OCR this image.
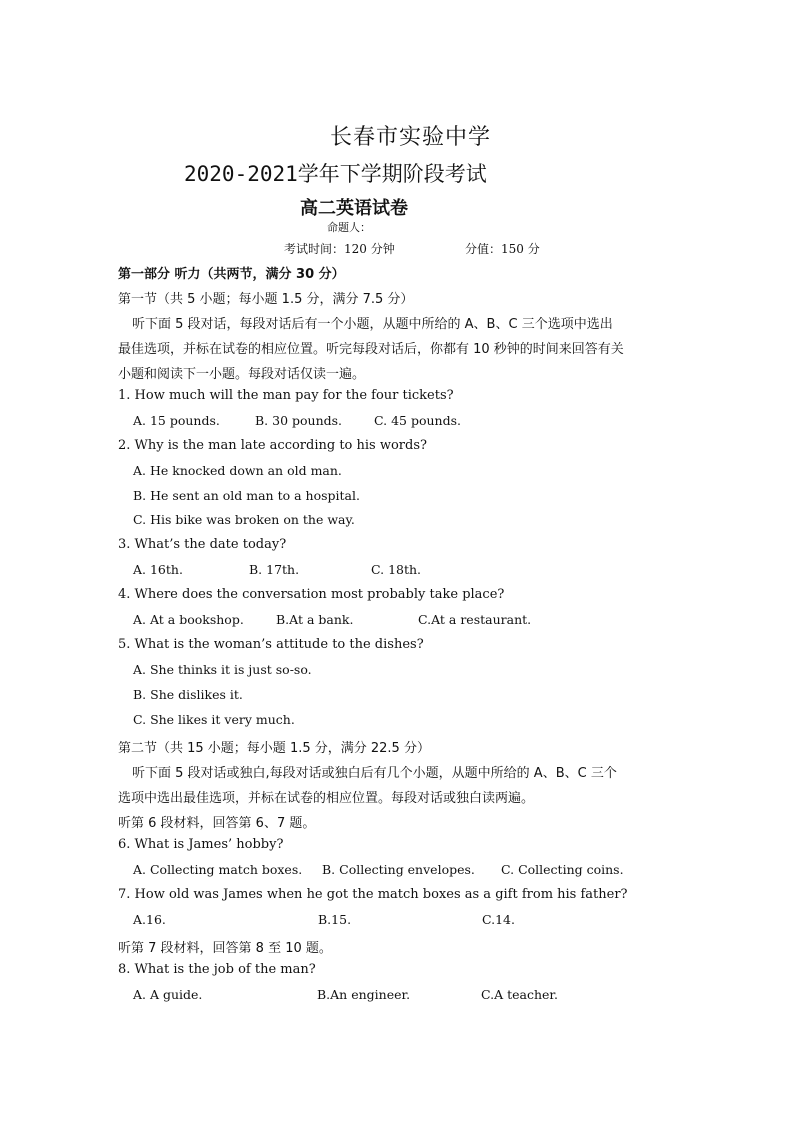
长春市实验中学
2020-2021学年下学期阶段考试
高二英语试卷
命题人：
考试时间：120 分钟	分值：150 分
第一部分 听力（共两节，满分 30 分）
第一节（共 5 小题；每小题 1.5 分，满分 7.5 分）
听下面 5 段对话，每段对话后有一个小题，从题中所给的 A、B、C 三个选项中选出
最佳选项，并标在试卷的相应位置。听完每段对话后，你都有 10 秒钟的时间来回答有关
小题和阅读下一小题。每段对话仅读一遍。
1. How much will the man pay for the four tickets?
A. 15 pounds.	B. 30 pounds.	C. 45 pounds.
2. Why is the man late according to his words?
A. He knocked down an old man.
B. He sent an old man to a hospital.
C. His bike was broken on the way.
3. What’s the date today?
A. 16th.	B. 17th.	C. 18th.
4. Where does the conversation most probably take place?
A. At a bookshop.	B.At a bank.	C.At a restaurant.
5. What is the woman’s attitude to the dishes?
A. She thinks it is just so-so.
B. She dislikes it.
C. She likes it very much.
第二节（共 15 小题；每小题 1.5 分，满分 22.5 分）
听下面 5 段对话或独白,每段对话或独白后有几个小题，从题中所给的 A、B、C 三个
选项中选出最佳选项，并标在试卷的相应位置。每段对话或独白读两遍。
听第 6 段材料，回答第 6、7 题。
6. What is James’ hobby?
A. Collecting match boxes. B. Collecting envelopes. C. Collecting coins.
7. How old was James when he got the match boxes as a gift from his father?
A.16.	B.15.	C.14.
听第 7 段材料，回答第 8 至 10 题。
8. What is the job of the man?
A. A guide.	B.An engineer.	C.A teacher.
